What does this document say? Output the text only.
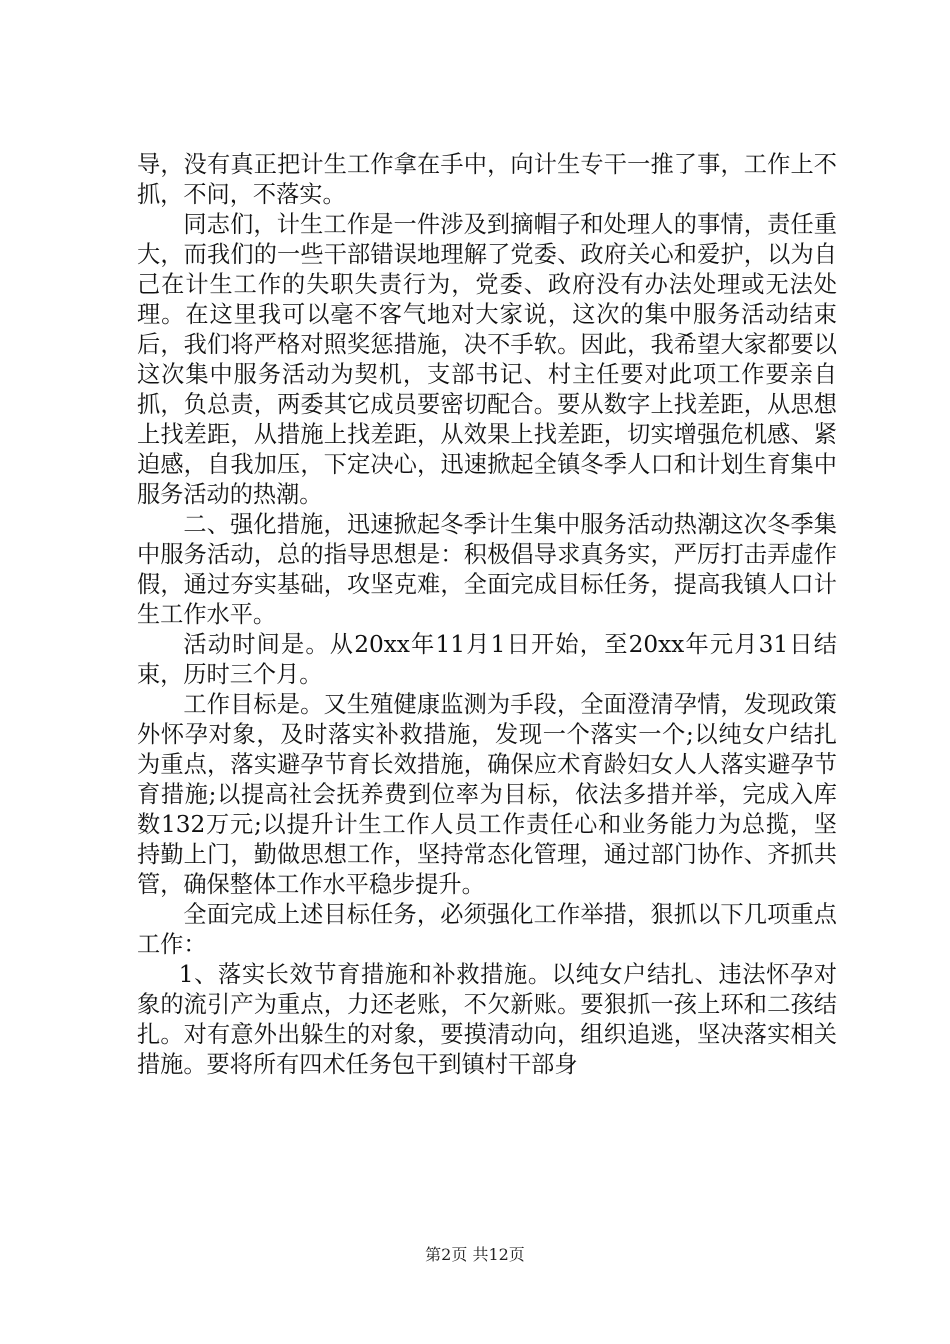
导，没有真正把计生工作拿在手中，向计生专干一推了事，工作上不抓，不问，不落实。

同志们，计生工作是一件涉及到摘帽子和处理人的事情，责任重大，而我们的一些干部错误地理解了党委、政府关心和爱护，以为自己在计生工作的失职失责行为，党委、政府没有办法处理或无法处理。在这里我可以毫不客气地对大家说，这次的集中服务活动结束后，我们将严格对照奖惩措施，决不手软。因此，我希望大家都要以这次集中服务活动为契机，支部书记、村主任要对此项工作要亲自抓，负总责，两委其它成员要密切配合。要从数字上找差距，从思想上找差距，从措施上找差距，从效果上找差距，切实增强危机感、紧迫感，自我加压，下定决心，迅速掀起全镇冬季人口和计划生育集中服务活动的热潮。

二、强化措施，迅速掀起冬季计生集中服务活动热潮这次冬季集中服务活动，总的指导思想是：积极倡导求真务实，严厉打击弄虚作假，通过夯实基础，攻坚克难，全面完成目标任务，提高我镇人口计生工作水平。

活动时间是。从20xx年11月1日开始，至20xx年元月31日结束，历时三个月。

工作目标是。又生殖健康监测为手段，全面澄清孕情，发现政策外怀孕对象，及时落实补救措施，发现一个落实一个;以纯女户结扎为重点，落实避孕节育长效措施，确保应术育龄妇女人人落实避孕节育措施;以提高社会抚养费到位率为目标，依法多措并举，完成入库数132万元;以提升计生工作人员工作责任心和业务能力为总揽，坚持勤上门，勤做思想工作，坚持常态化管理，通过部门协作、齐抓共管，确保整体工作水平稳步提升。

全面完成上述目标任务，必须强化工作举措，狠抓以下几项重点工作：

1、落实长效节育措施和补救措施。以纯女户结扎、违法怀孕对象的流引产为重点，力还老账，不欠新账。要狠抓一孩上环和二孩结扎。对有意外出躲生的对象，要摸清动向，组织追逃，坚决落实相关措施。要将所有四术任务包干到镇村干部身

第2页 共12页
